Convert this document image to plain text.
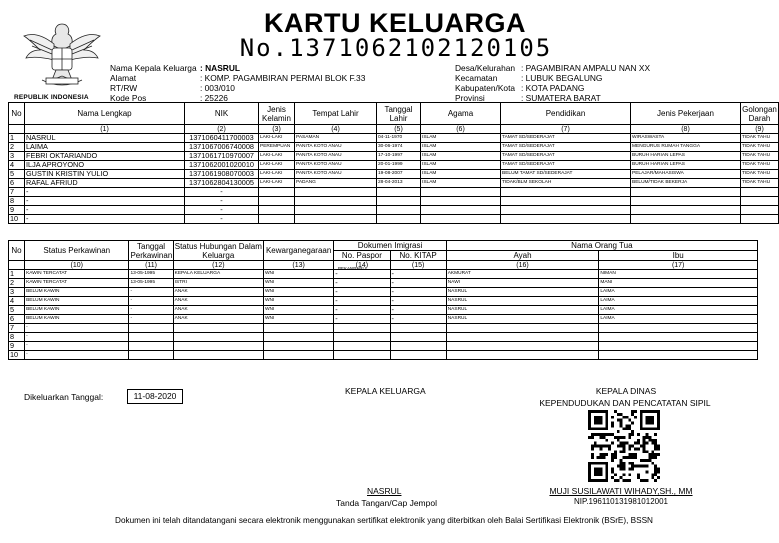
REPUBLIK INDONESIA
KARTU KELUARGA
No.1371062102120105
Nama Kepala Keluarga : NASRUL
Alamat	: KOMP. PAGAMBIRAN PERMAI BLOK F.33
RT/RW	: 003/010
Kode Pos	: 25226
Desa/Kelurahan : PAGAMBIRAN AMPALU NAN XX
Kecamatan	: LUBUK BEGALUNG
Kabupaten/Kota : KOTA PADANG
Provinsi	: SUMATERA BARAT
No	Nama Lengkap	NIK	Jenis Kelamin	Tempat Lahir	Tanggal Lahir	Agama	Pendidikan	Jenis Pekerjaan	Golongan Darah
	(1)	(2)	(3)	(4)	(5)	(6)	(7)	(8)	(9)
1	NASRUL	1371060411700003	LAKI-LAKI	PASAMAN	04-11-1970	ISLAM	TAMAT SD/SEDERAJAT	WIRASWASTA	TIDAK TAHU
2	LAIMA	1371067006740008	PEREMPUAN	PANITA KOTO ANAU	30-06-1974	ISLAM	TAMAT SD/SEDERAJAT	MENGURUS RUMAH TANGGA	TIDAK TAHU
3	FEBRI OKTARIANDO	1371061710970007	LAKI-LAKI	PANITA KOTO ANAU	17-10-1997	ISLAM	TAMAT SD/SEDERAJAT	BURUH HARIAN LEPAS	TIDAK TAHU
4	ILJA APROYONO	1371062001020010	LAKI-LAKI	PANITA KOTO ANAU	20-01-1999	ISLAM	TAMAT SD/SEDERAJAT	BURUH HARIAN LEPAS	TIDAK TAHU
5	GUSTIN KRISTIN YULIO	1371061908070003	LAKI-LAKI	PANITA KOTO ANAU	19-08-2007	ISLAM	BELUM TAMAT SD/SEDERAJAT	PELAJAR/MAHASISWA	TIDAK TAHU
6	RAFAL AFRIUD	1371062804130005	LAKI-LAKI	PADANG	28-04-2013	ISLAM	TIDAK/BLM SEKOLAH	BELUM/TIDAK BEKERJA	TIDAK TAHU
7	-	-							
8	-	-							
9	-	-							
10	-	-							
No	Status Perkawinan	Tanggal Perkawinan	Status Hubungan Dalam Keluarga	Kewarganegaraan	Dokumen Imigrasi		Nama Orang Tua	
					No. Paspor	No. KITAP	Ayah	Ibu
	(10)	(11)	(12)	(13)	(14)	(15)	(16)	(17)
1	KAWIN TERCATAT	13-05-1995	KEPALA KELUARGA	WNI	-	-	AKMURAT	NIMAN
2	KAWIN TERCATAT	13-05-1995	ISTRI	WNI	-	-	NAWI	MANI
3	BELUM KAWIN	-	ANAK	WNI	-	-	NASRUL	LAIMA
4	BELUM KAWIN	-	ANAK	WNI	-	-	NASRUL	LAIMA
5	BELUM KAWIN	-	ANAK	WNI	-	-	NASRUL	LAIMA
6	BELUM KAWIN	-	ANAK	WNI	-	-	NASRUL	LAIMA
7	-							
8	-							
9	-							
10	-							
PEKANBARU
Dikeluarkan Tanggal:	11-08-2020	KEPALA KELUARGA	KEPALA DINAS
KEPENDUDUKAN DAN PENCATATAN SIPIL
NASRUL
Tanda Tangan/Cap Jempol
MUJI SUSILAWATI WIHADY,SH., MM
NIP.196110131981012001
Dokumen ini telah ditandatangani secara elektronik menggunakan sertifikat elektronik yang diterbitkan oleh Balai Sertifikasi Elektronik (BSrE), BSSN
